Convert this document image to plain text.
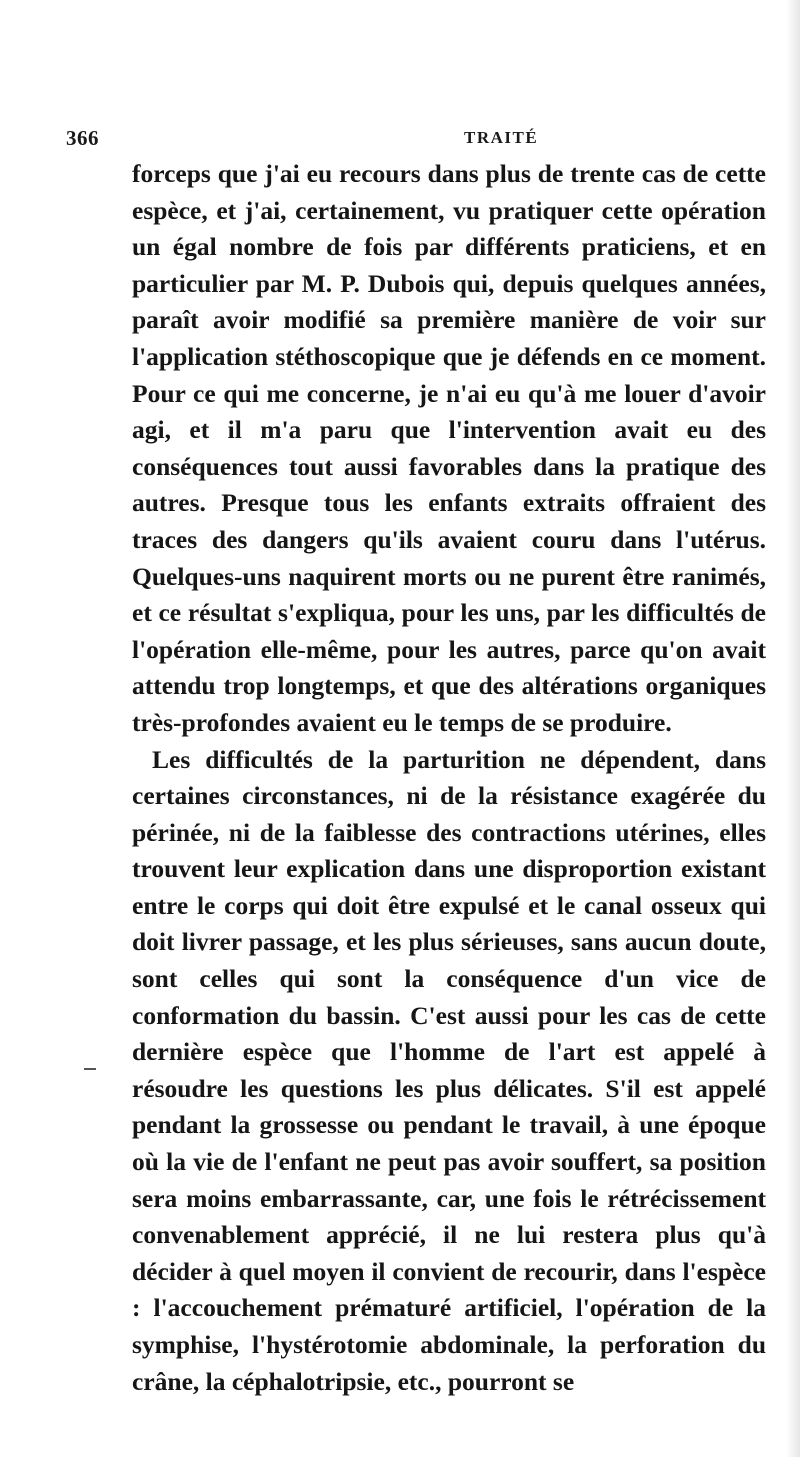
366	TRAITÉ

forceps que j'ai eu recours dans plus de trente cas de cette espèce, et j'ai, certainement, vu pratiquer cette opération un égal nombre de fois par différents praticiens, et en particulier par M. P. Dubois qui, depuis quelques années, paraît avoir modifié sa première manière de voir sur l'application stéthoscopique que je défends en ce moment. Pour ce qui me concerne, je n'ai eu qu'à me louer d'avoir agi, et il m'a paru que l'intervention avait eu des conséquences tout aussi favorables dans la pratique des autres. Presque tous les enfants extraits offraient des traces des dangers qu'ils avaient couru dans l'utérus. Quelques-uns naquirent morts ou ne purent être ranimés, et ce résultat s'expliqua, pour les uns, par les difficultés de l'opération elle-même, pour les autres, parce qu'on avait attendu trop longtemps, et que des altérations organiques très-profondes avaient eu le temps de se produire.

Les difficultés de la parturition ne dépendent, dans certaines circonstances, ni de la résistance exagérée du périnée, ni de la faiblesse des contractions utérines, elles trouvent leur explication dans une disproportion existant entre le corps qui doit être expulsé et le canal osseux qui doit livrer passage, et les plus sérieuses, sans aucun doute, sont celles qui sont la conséquence d'un vice de conformation du bassin. C'est aussi pour les cas de cette dernière espèce que l'homme de l'art est appelé à résoudre les questions les plus délicates. S'il est appelé pendant la grossesse ou pendant le travail, à une époque où la vie de l'enfant ne peut pas avoir souffert, sa position sera moins embarrassante, car, une fois le rétrécissement convenablement apprécié, il ne lui restera plus qu'à décider à quel moyen il convient de recourir, dans l'espèce : l'accouchement prématuré artificiel, l'opération de la symphise, l'hystérotomie abdominale, la perforation du crâne, la céphalotripsie, etc., pourront se
